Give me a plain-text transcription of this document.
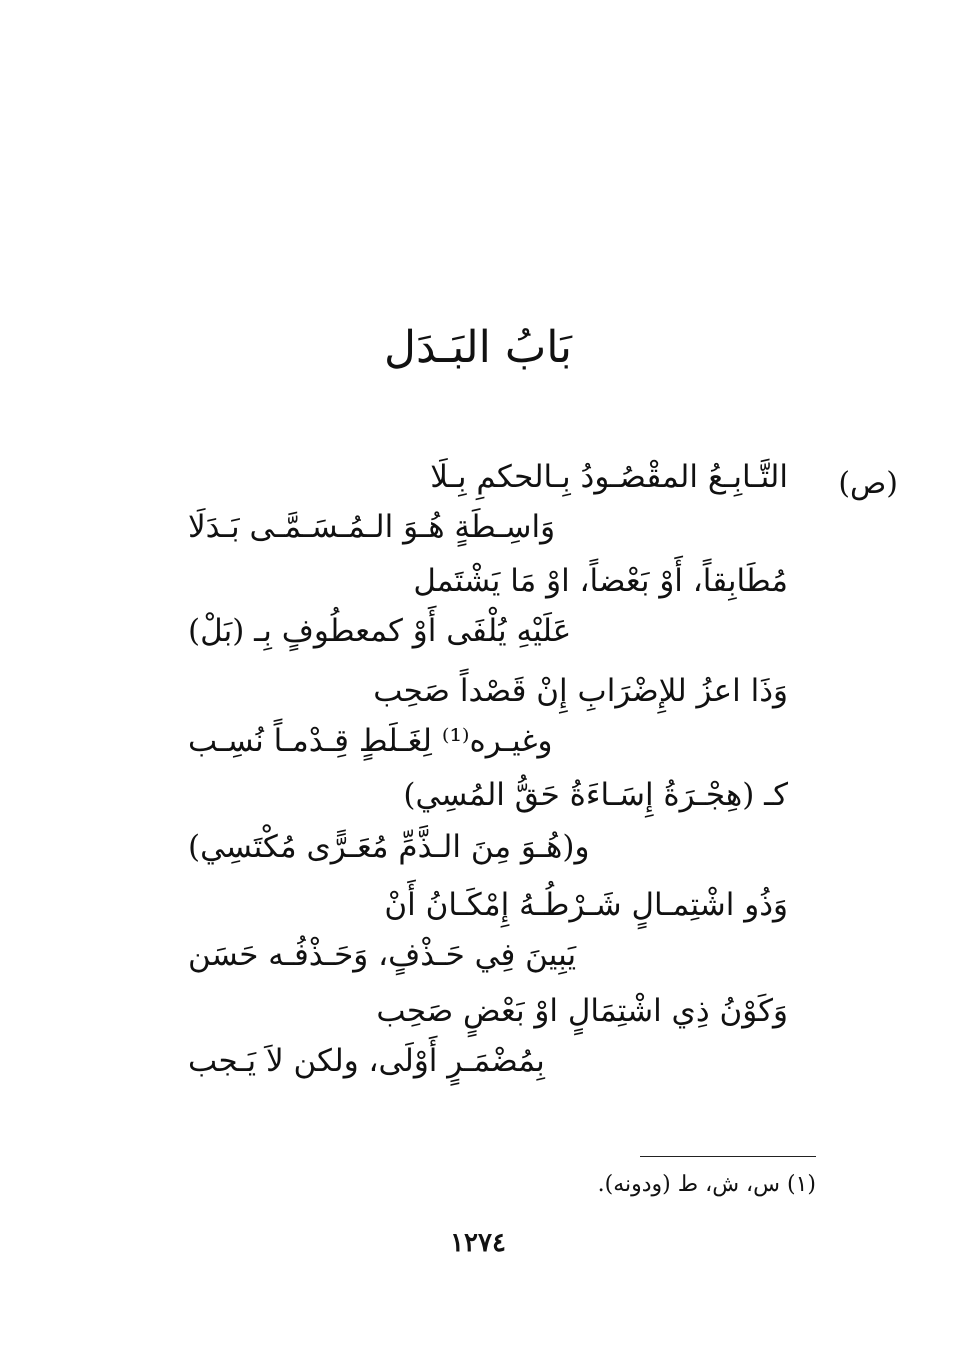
بَابُ البَـدَل
(ص)
التَّـابِـعُ المقْصُـودُ بِـالحكمِ بِـلَا
وَاسِـطَةٍ هُـوَ الـمُـسَـمَّـى بَـدَلَا
مُطَابِقاً، أَوْ بَعْضاً، اوْ مَا يَشْتَمل
عَلَيْهِ يُلْفَى أَوْ كمعطُوفٍ بِـ (بَلْ)
وَذَا اعزُ للإِضْرَابِ إِنْ قَصْداً صَحِب
وغيـره⁽¹⁾ لِغَـلَطٍ قِـدْمـاً نُسِـب
كـ (هِجْـرَةُ إِسَـاءَةُ حَقُّ المُسِي)
و(هُـوَ مِنَ الـذَّمِّ مُعَـرًّى مُكْتَسِي)
وَذُو اشْتِمـالٍ شَـرْطُـهُ إِمْكَـانُ أَنْ
يَبِينَ فِي حَـذْفٍ، وَحَـذْفُـه حَسَن
وَكَوْنُ ذِي اشْتِمَالٍ اوْ بَعْضٍ صَحِب
بِمُضْمَـرٍ أَوْلَى، ولكن لاَ يَـجب
(١) س، ش، ط (ودونه).
١٢٧٤
